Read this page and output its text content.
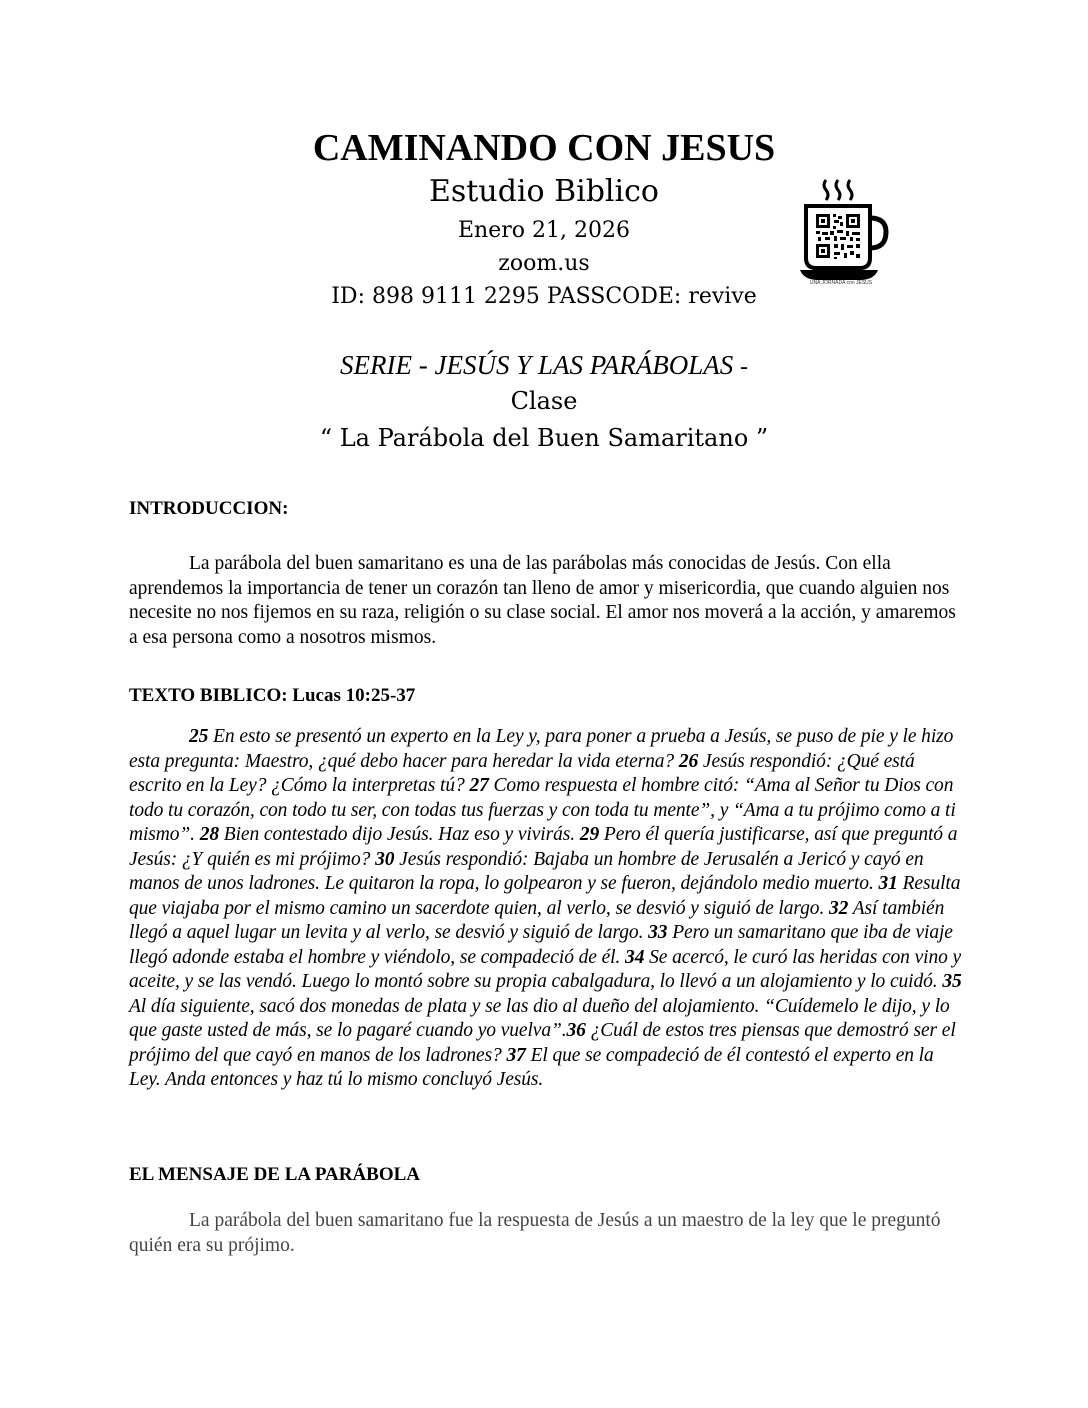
CAMINANDO CON JESUS
Estudio Biblico
Enero 21, 2026
zoom.us
ID: 898 9111 2295 PASSCODE: revive
UNA JORNADA con JESUS
SERIE - JESÚS Y LAS PARÁBOLAS -
Clase
“ La Parábola del Buen Samaritano ”
INTRODUCCION:
La parábola del buen samaritano es una de las parábolas más conocidas de Jesús. Con ella aprendemos la importancia de tener un corazón tan lleno de amor y misericordia, que cuando alguien nos necesite no nos fijemos en su raza, religión o su clase social. El amor nos moverá a la acción, y amaremos a esa persona como a nosotros mismos.
TEXTO BIBLICO: Lucas 10:25-37
25 En esto se presentó un experto en la Ley y, para poner a prueba a Jesús, se puso de pie y le hizo esta pregunta: Maestro, ¿qué debo hacer para heredar la vida eterna? 26 Jesús respondió: ¿Qué está escrito en la Ley? ¿Cómo la interpretas tú? 27 Como respuesta el hombre citó: “Ama al Señor tu Dios con todo tu corazón, con todo tu ser, con todas tus fuerzas y con toda tu mente”, y “Ama a tu prójimo como a ti mismo”. 28 Bien contestado dijo Jesús. Haz eso y vivirás. 29 Pero él quería justificarse, así que preguntó a Jesús: ¿Y quién es mi prójimo? 30 Jesús respondió: Bajaba un hombre de Jerusalén a Jericó y cayó en manos de unos ladrones. Le quitaron la ropa, lo golpearon y se fueron, dejándolo medio muerto. 31 Resulta que viajaba por el mismo camino un sacerdote quien, al verlo, se desvió y siguió de largo. 32 Así también llegó a aquel lugar un levita y al verlo, se desvió y siguió de largo. 33 Pero un samaritano que iba de viaje llegó adonde estaba el hombre y viéndolo, se compadeció de él. 34 Se acercó, le curó las heridas con vino y aceite, y se las vendó. Luego lo montó sobre su propia cabalgadura, lo llevó a un alojamiento y lo cuidó. 35 Al día siguiente, sacó dos monedas de plata y se las dio al dueño del alojamiento. “Cuídemelo le dijo, y lo que gaste usted de más, se lo pagaré cuando yo vuelva”.36 ¿Cuál de estos tres piensas que demostró ser el prójimo del que cayó en manos de los ladrones? 37 El que se compadeció de él contestó el experto en la Ley. Anda entonces y haz tú lo mismo concluyó Jesús.
EL MENSAJE DE LA PARÁBOLA
La parábola del buen samaritano fue la respuesta de Jesús a un maestro de la ley que le preguntó quién era su prójimo.
